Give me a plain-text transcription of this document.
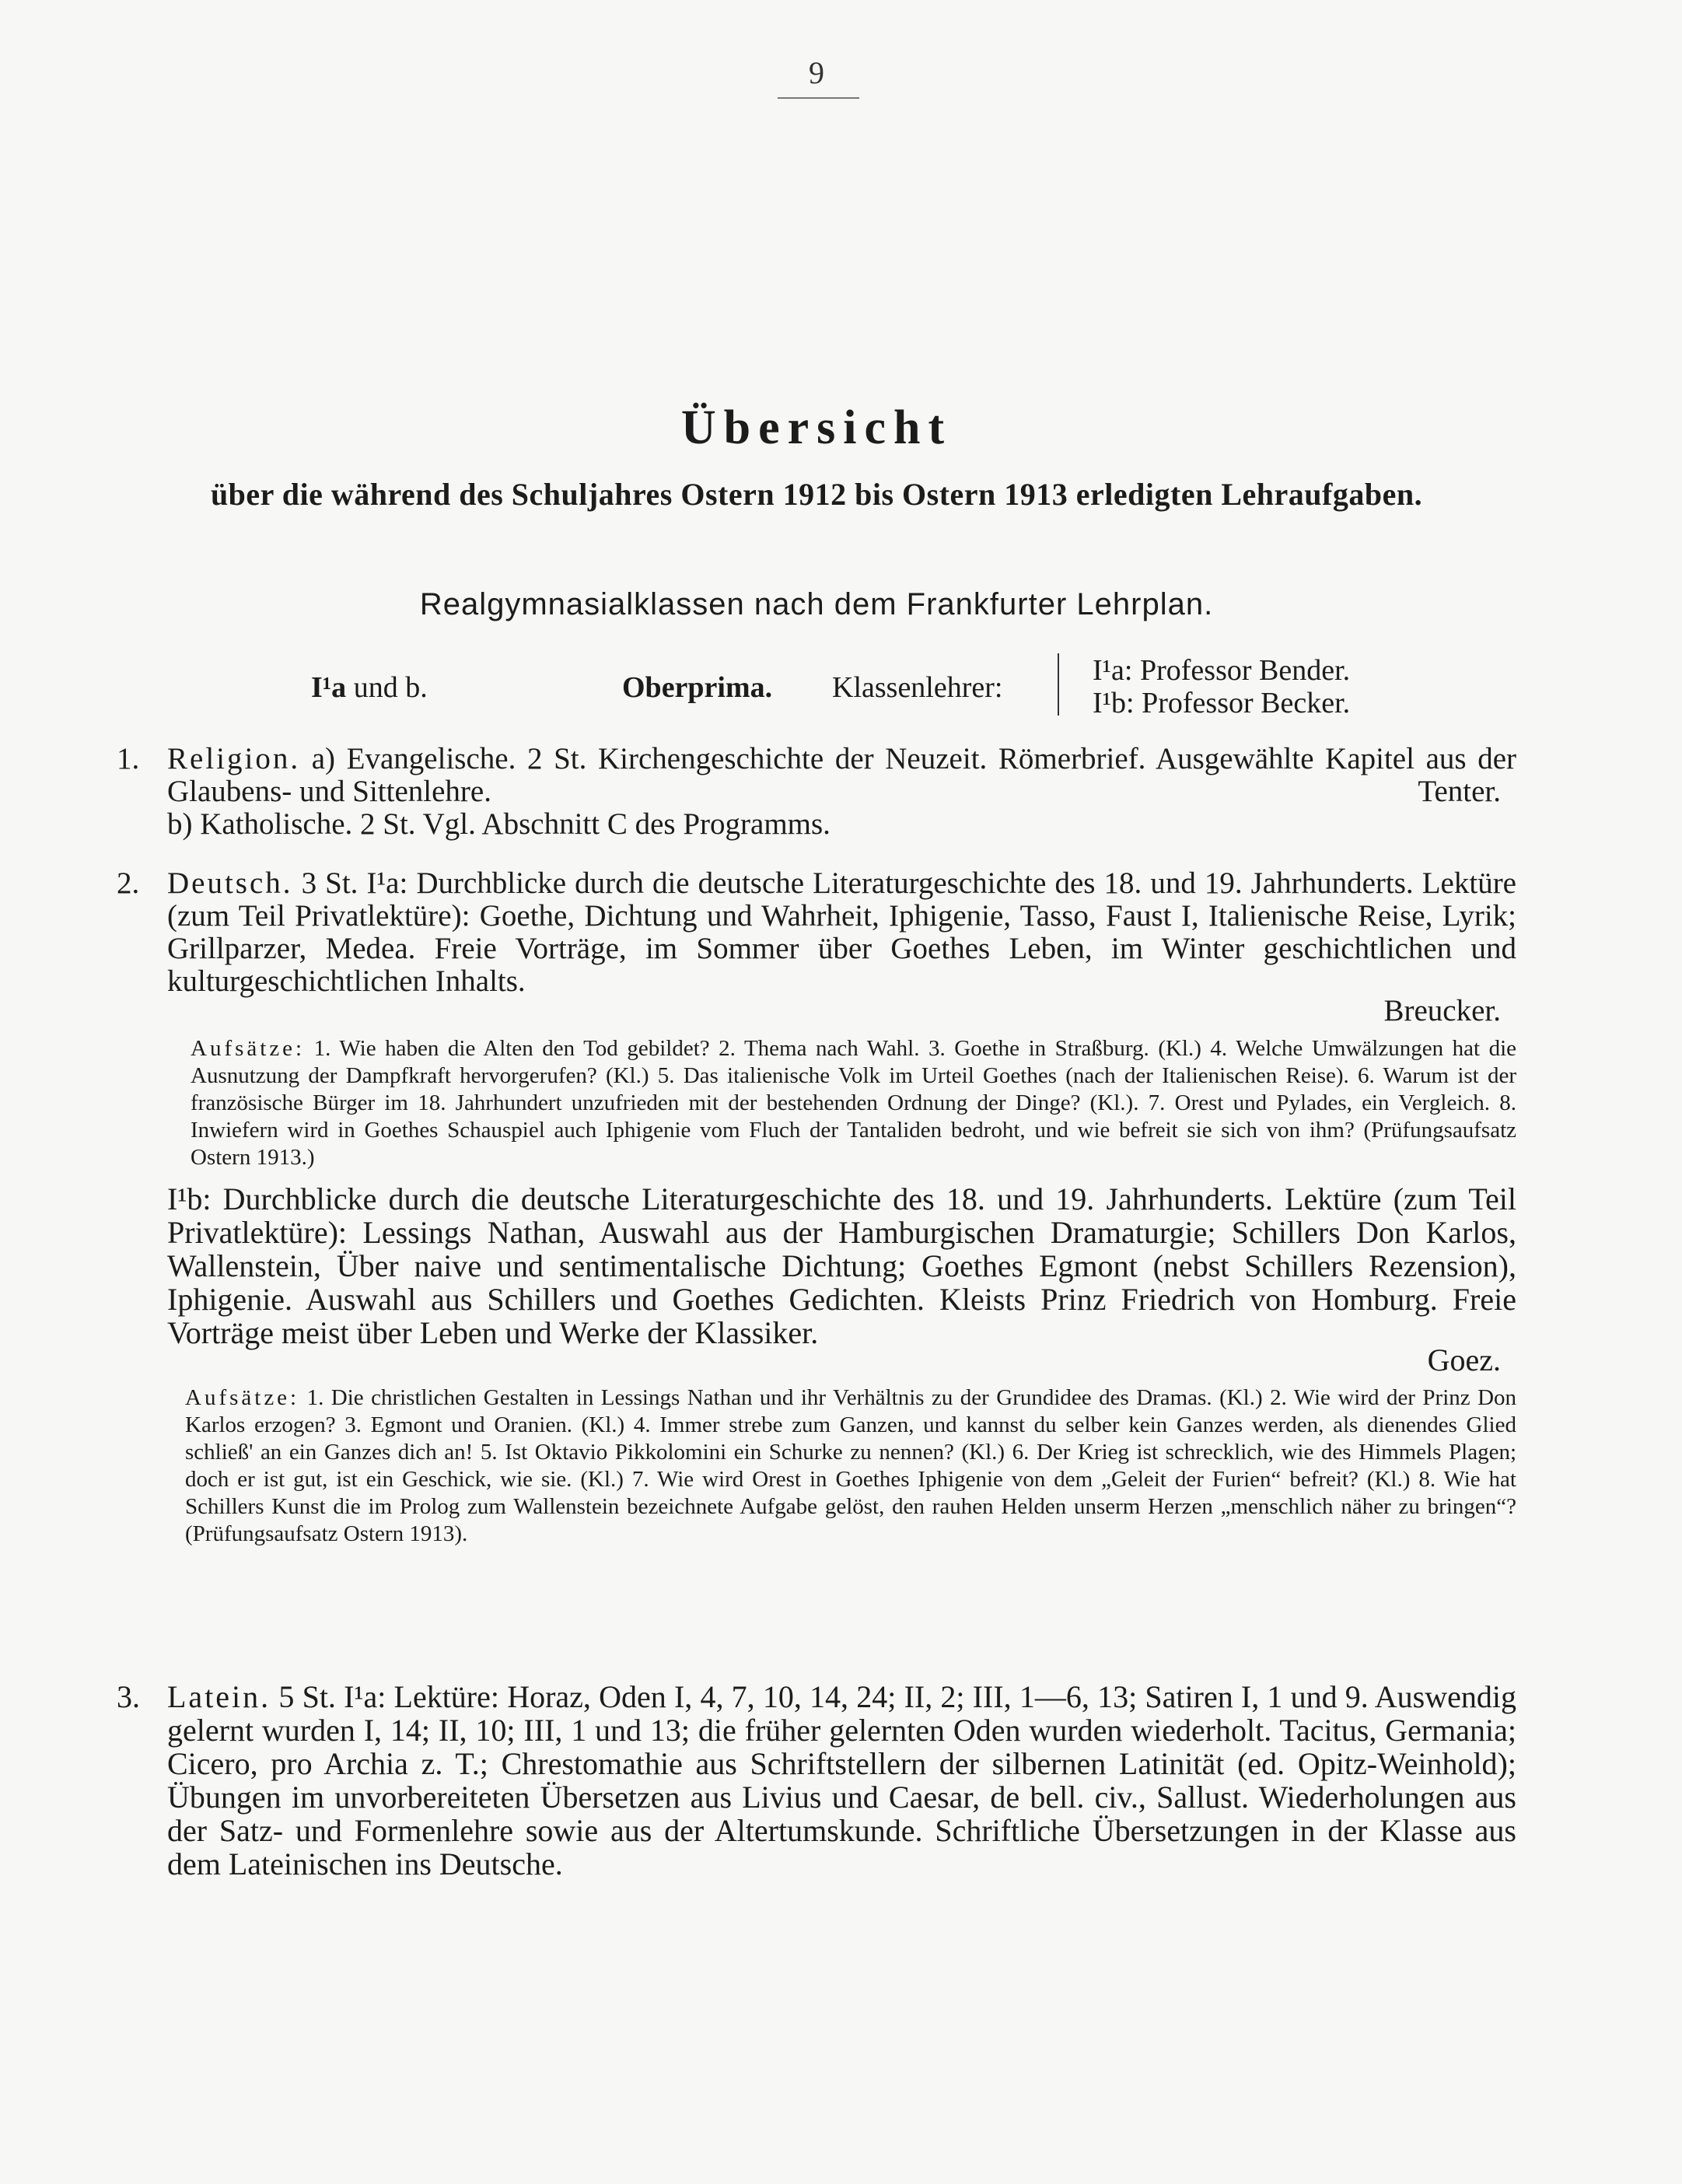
9
Übersicht
über die während des Schuljahres Ostern 1912 bis Ostern 1913 erledigten Lehraufgaben.
Realgymnasialklassen nach dem Frankfurter Lehrplan.
I¹a und b.	Oberprima. Klassenlehrer:
I¹a: Professor Bender.
I¹b: Professor Becker.
1. Religion. a) Evangelische. 2 St. Kirchengeschichte der Neuzeit. Römerbrief. Ausgewählte Kapitel aus der Glaubens- und Sittenlehre.	Tenter.
b) Katholische. 2 St. Vgl. Abschnitt C des Programms.
2. Deutsch. 3 St. I¹a: Durchblicke durch die deutsche Literaturgeschichte des 18. und 19. Jahrhunderts. Lektüre (zum Teil Privatlektüre): Goethe, Dichtung und Wahrheit, Iphigenie, Tasso, Faust I, Italienische Reise, Lyrik; Grillparzer, Medea. Freie Vorträge, im Sommer über Goethes Leben, im Winter geschichtlichen und kulturgeschichtlichen Inhalts.
Breucker.
Aufsätze: 1. Wie haben die Alten den Tod gebildet? 2. Thema nach Wahl. 3. Goethe in Straßburg. (Kl.) 4. Welche Umwälzungen hat die Ausnutzung der Dampfkraft hervorgerufen? (Kl.) 5. Das italienische Volk im Urteil Goethes (nach der Italienischen Reise). 6. Warum ist der französische Bürger im 18. Jahrhundert unzufrieden mit der bestehenden Ordnung der Dinge? (Kl.). 7. Orest und Pylades, ein Vergleich. 8. Inwiefern wird in Goethes Schauspiel auch Iphigenie vom Fluch der Tantaliden bedroht, und wie befreit sie sich von ihm? (Prüfungsaufsatz Ostern 1913.)
I¹b: Durchblicke durch die deutsche Literaturgeschichte des 18. und 19. Jahrhunderts. Lektüre (zum Teil Privatlektüre): Lessings Nathan, Auswahl aus der Hamburgischen Dramaturgie; Schillers Don Karlos, Wallenstein, Über naive und sentimentalische Dichtung; Goethes Egmont (nebst Schillers Rezension), Iphigenie. Auswahl aus Schillers und Goethes Gedichten. Kleists Prinz Friedrich von Homburg. Freie Vorträge meist über Leben und Werke der Klassiker.
Goez.
Aufsätze: 1. Die christlichen Gestalten in Lessings Nathan und ihr Verhältnis zu der Grundidee des Dramas. (Kl.) 2. Wie wird der Prinz Don Karlos erzogen? 3. Egmont und Oranien. (Kl.) 4. Immer strebe zum Ganzen, und kannst du selber kein Ganzes werden, als dienendes Glied schließ' an ein Ganzes dich an! 5. Ist Oktavio Pikkolomini ein Schurke zu nennen? (Kl.) 6. Der Krieg ist schrecklich, wie des Himmels Plagen; doch er ist gut, ist ein Geschick, wie sie. (Kl.) 7. Wie wird Orest in Goethes Iphigenie von dem „Geleit der Furien“ befreit? (Kl.) 8. Wie hat Schillers Kunst die im Prolog zum Wallenstein bezeichnete Aufgabe gelöst, den rauhen Helden unserm Herzen „menschlich näher zu bringen“? (Prüfungsaufsatz Ostern 1913).
3. Latein. 5 St. I¹a: Lektüre: Horaz, Oden I, 4, 7, 10, 14, 24; II, 2; III, 1—6, 13; Satiren I, 1 und 9. Auswendig gelernt wurden I, 14; II, 10; III, 1 und 13; die früher gelernten Oden wurden wiederholt. Tacitus, Germania; Cicero, pro Archia z. T.; Chrestomathie aus Schriftstellern der silbernen Latinität (ed. Opitz-Weinhold); Übungen im unvorbereiteten Übersetzen aus Livius und Caesar, de bell. civ., Sallust. Wiederholungen aus der Satz- und Formenlehre sowie aus der Altertumskunde. Schriftliche Übersetzungen in der Klasse aus dem Lateinischen ins Deutsche.
